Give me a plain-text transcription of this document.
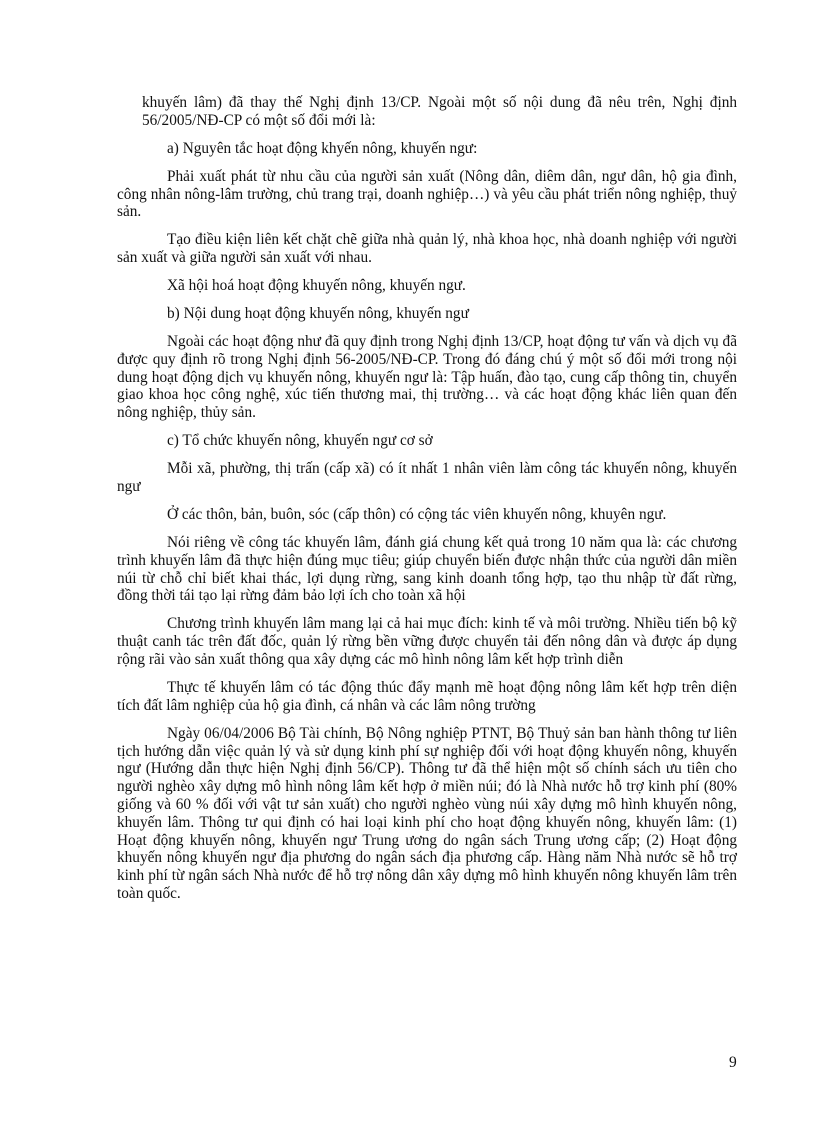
khuyến lâm) đã thay thế Nghị định 13/CP. Ngoài một số nội dung đã nêu trên, Nghị định 56/2005/NĐ-CP có một số đổi mới là:

a) Nguyên tắc hoạt động khyến nông, khuyến ngư:

Phải xuất phát từ nhu cầu của người sản xuất (Nông dân, diêm dân, ngư dân, hộ gia đình, công nhân nông-lâm trường, chủ trang trại, doanh nghiệp…) và yêu cầu phát triển nông nghiệp, thuỷ sản.

Tạo điều kiện liên kết chặt chẽ giữa nhà quản lý, nhà khoa học, nhà doanh nghiệp với người sản xuất và giữa người sản xuất với nhau.

Xã hội hoá hoạt động khuyến nông, khuyến ngư.

b) Nội dung hoạt động khuyến nông, khuyến ngư

Ngoài các hoạt động như đã quy định trong Nghị định 13/CP, hoạt động tư vấn và dịch vụ đã được quy định rõ trong Nghị định 56-2005/NĐ-CP. Trong đó đáng chú ý một số đổi mới trong nội dung hoạt động dịch vụ khuyến nông, khuyến ngư là: Tập huấn, đào tạo, cung cấp thông tin, chuyển giao khoa học công nghệ, xúc tiến thương mai, thị trường… và các hoạt động khác liên quan đến nông nghiệp, thủy sản.

c) Tổ chức khuyến nông, khuyến ngư cơ sở

Mỗi xã, phường, thị trấn (cấp xã) có ít nhất 1 nhân viên làm công tác khuyến nông, khuyến ngư

Ở các thôn, bản, buôn, sóc (cấp thôn) có cộng tác viên khuyến nông, khuyên ngư.

Nói riêng về công tác khuyến lâm, đánh giá chung kết quả trong 10 năm qua là: các chương trình khuyến lâm đã thực hiện đúng mục tiêu; giúp chuyển biến được nhận thức của người dân miền núi từ chỗ chỉ biết khai thác, lợi dụng rừng, sang kinh doanh tổng hợp, tạo thu nhập từ đất rừng, đồng thời tái tạo lại rừng đảm bảo lợi ích cho toàn xã hội

Chương trình khuyến lâm mang lại cả hai mục đích: kinh tế và môi trường. Nhiều tiến bộ kỹ thuật canh tác trên đất đốc, quản lý rừng bền vững được chuyển tải đến nông dân và được áp dụng rộng rãi vào sản xuất thông qua xây dựng các mô hình nông lâm kết hợp trình diễn

Thực tế khuyến lâm có tác động thúc đẩy mạnh mẽ hoạt động nông lâm kết hợp trên diện tích đất lâm nghiệp của hộ gia đình, cá nhân và các lâm nông trường

Ngày 06/04/2006 Bộ Tài chính, Bộ Nông nghiệp PTNT, Bộ Thuỷ sản ban hành thông tư liên tịch hướng dẫn việc quản lý và sử dụng kinh phí sự nghiệp đối với hoạt động khuyến nông, khuyến ngư (Hướng dẫn thực hiện Nghị định 56/CP). Thông tư đã thể hiện một số chính sách ưu tiên cho người nghèo xây dựng mô hình nông lâm kết hợp ở miền núi; đó là Nhà nước hỗ trợ kinh phí (80% giống và 60 % đối với vật tư sản xuất) cho người nghèo vùng núi xây dựng mô hình khuyến nông, khuyến lâm. Thông tư qui định có hai loại kinh phí cho hoạt động khuyến nông, khuyến lâm: (1) Hoạt động khuyến nông, khuyến ngư Trung ương do ngân sách Trung ương cấp; (2) Hoạt động khuyến nông khuyến ngư địa phương do ngân sách địa phương cấp. Hàng năm Nhà nước sẽ hỗ trợ kinh phí từ ngân sách Nhà nước để hỗ trợ nông dân xây dựng mô hình khuyến nông khuyến lâm trên toàn quốc.

9
